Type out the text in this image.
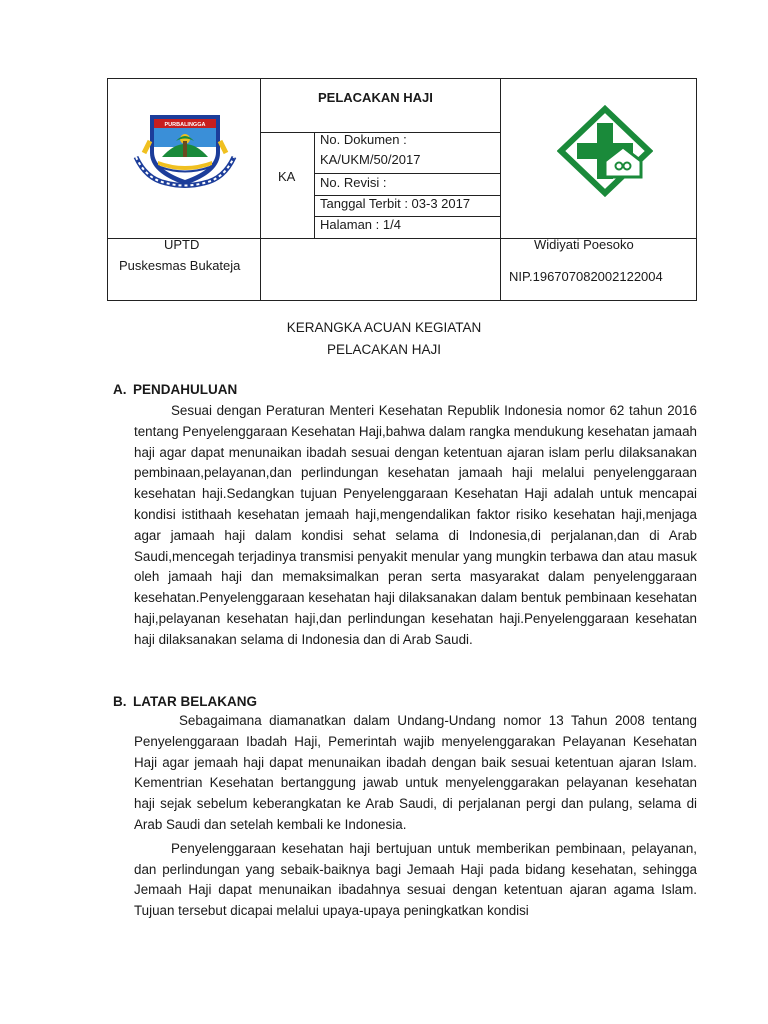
PURBALINGGA
PELACAKAN HAJI
KA
No. Dokumen :
KA/UKM/50/2017
No. Revisi :
Tanggal Terbit : 03-3 2017
Halaman : 1/4
UPTD
Puskesmas Bukateja
Widiyati Poesoko
NIP.196707082002122004
KERANGKA ACUAN KEGIATAN
PELACAKAN HAJI
A. PENDAHULUAN

Sesuai dengan Peraturan Menteri Kesehatan Republik Indonesia nomor 62 tahun 2016 tentang Penyelenggaraan Kesehatan Haji,bahwa dalam rangka mendukung kesehatan jamaah haji agar dapat menunaikan ibadah sesuai dengan ketentuan ajaran islam perlu dilaksanakan pembinaan,pelayanan,dan perlindungan kesehatan jamaah haji melalui penyelenggaraan kesehatan haji.Sedangkan tujuan Penyelenggaraan Kesehatan Haji adalah untuk mencapai kondisi istithaah kesehatan jemaah haji,mengendalikan faktor risiko kesehatan haji,menjaga agar jamaah haji dalam kondisi sehat selama di Indonesia,di perjalanan,dan di Arab Saudi,mencegah terjadinya transmisi penyakit menular yang mungkin terbawa dan atau masuk oleh jamaah haji dan memaksimalkan peran serta masyarakat dalam penyelenggaraan kesehatan.Penyelenggaraan kesehatan haji dilaksanakan dalam bentuk pembinaan kesehatan haji,pelayanan kesehatan haji,dan perlindungan kesehatan haji.Penyelenggaraan kesehatan haji dilaksanakan selama di Indonesia dan di Arab Saudi.

B. LATAR BELAKANG

Sebagaimana diamanatkan dalam Undang-Undang nomor 13 Tahun 2008 tentang Penyelenggaraan Ibadah Haji, Pemerintah wajib menyelenggarakan Pelayanan Kesehatan Haji agar jemaah haji dapat menunaikan ibadah dengan baik sesuai ketentuan ajaran Islam. Kementrian Kesehatan bertanggung jawab untuk menyelenggarakan pelayanan kesehatan haji sejak sebelum keberangkatan ke Arab Saudi, di perjalanan pergi dan pulang, selama di Arab Saudi dan setelah kembali ke Indonesia.

Penyelenggaraan kesehatan haji bertujuan untuk memberikan pembinaan, pelayanan, dan perlindungan yang sebaik-baiknya bagi Jemaah Haji pada bidang kesehatan, sehingga Jemaah Haji dapat menunaikan ibadahnya sesuai dengan ketentuan ajaran agama Islam. Tujuan tersebut dicapai melalui upaya-upaya peningkatkan kondisi
